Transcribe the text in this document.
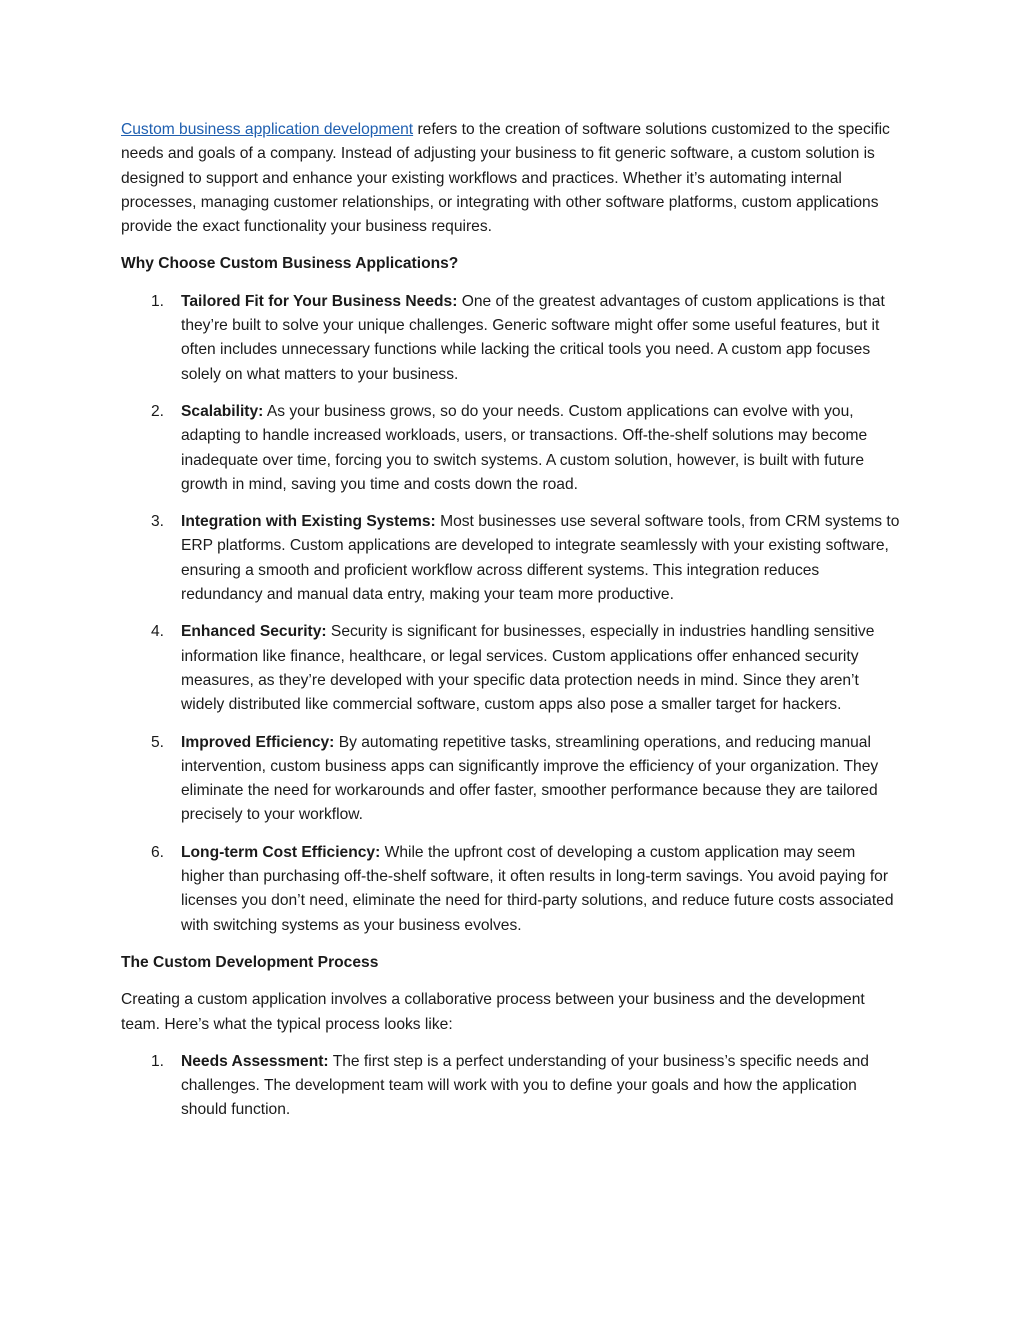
Custom business application development refers to the creation of software solutions customized to the specific needs and goals of a company. Instead of adjusting your business to fit generic software, a custom solution is designed to support and enhance your existing workflows and practices. Whether it’s automating internal processes, managing customer relationships, or integrating with other software platforms, custom applications provide the exact functionality your business requires.

Why Choose Custom Business Applications?

1. Tailored Fit for Your Business Needs: One of the greatest advantages of custom applications is that they’re built to solve your unique challenges. Generic software might offer some useful features, but it often includes unnecessary functions while lacking the critical tools you need. A custom app focuses solely on what matters to your business.
2. Scalability: As your business grows, so do your needs. Custom applications can evolve with you, adapting to handle increased workloads, users, or transactions. Off-the-shelf solutions may become inadequate over time, forcing you to switch systems. A custom solution, however, is built with future growth in mind, saving you time and costs down the road.
3. Integration with Existing Systems: Most businesses use several software tools, from CRM systems to ERP platforms. Custom applications are developed to integrate seamlessly with your existing software, ensuring a smooth and proficient workflow across different systems. This integration reduces redundancy and manual data entry, making your team more productive.
4. Enhanced Security: Security is significant for businesses, especially in industries handling sensitive information like finance, healthcare, or legal services. Custom applications offer enhanced security measures, as they’re developed with your specific data protection needs in mind. Since they aren’t widely distributed like commercial software, custom apps also pose a smaller target for hackers.
5. Improved Efficiency: By automating repetitive tasks, streamlining operations, and reducing manual intervention, custom business apps can significantly improve the efficiency of your organization. They eliminate the need for workarounds and offer faster, smoother performance because they are tailored precisely to your workflow.
6. Long-term Cost Efficiency: While the upfront cost of developing a custom application may seem higher than purchasing off-the-shelf software, it often results in long-term savings. You avoid paying for licenses you don’t need, eliminate the need for third-party solutions, and reduce future costs associated with switching systems as your business evolves.

The Custom Development Process

Creating a custom application involves a collaborative process between your business and the development team. Here’s what the typical process looks like:

1. Needs Assessment: The first step is a perfect understanding of your business’s specific needs and challenges. The development team will work with you to define your goals and how the application should function.
